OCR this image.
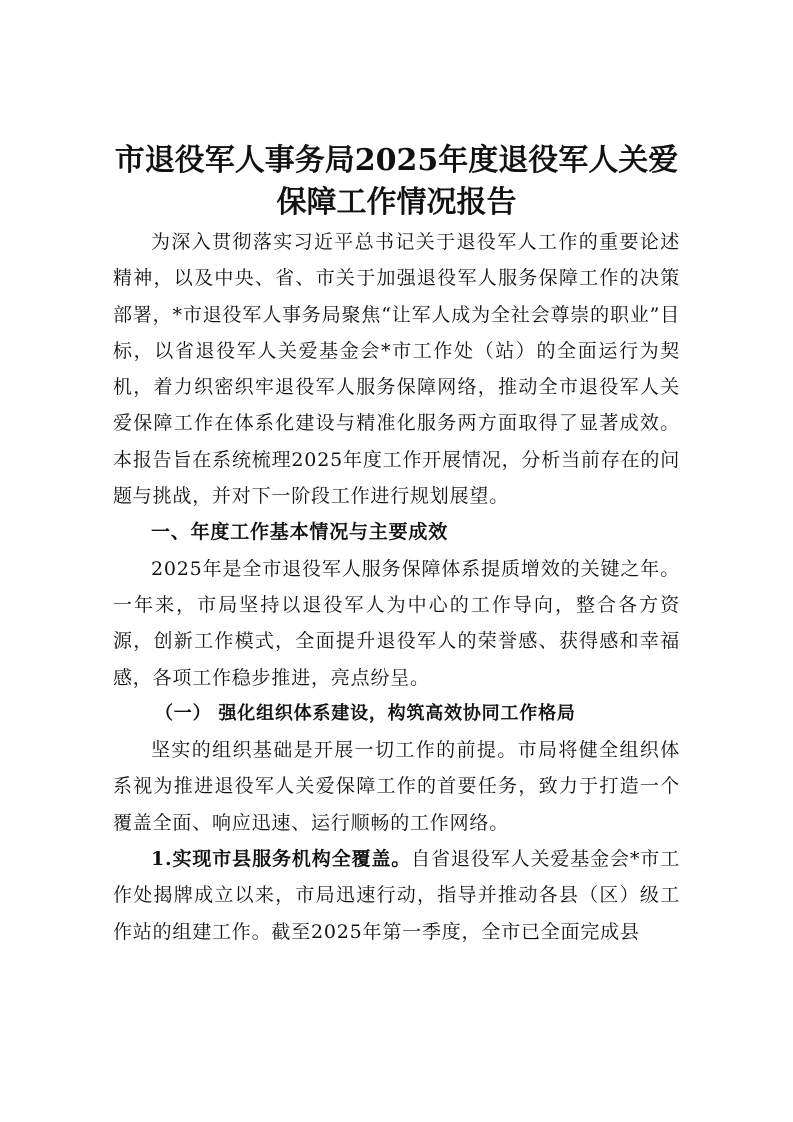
市退役军人事务局2025年度退役军人关爱保障工作情况报告

为深入贯彻落实习近平总书记关于退役军人工作的重要论述精神，以及中央、省、市关于加强退役军人服务保障工作的决策部署，*市退役军人事务局聚焦“让军人成为全社会尊崇的职业”目标，以省退役军人关爱基金会*市工作处（站）的全面运行为契机，着力织密织牢退役军人服务保障网络，推动全市退役军人关爱保障工作在体系化建设与精准化服务两方面取得了显著成效。本报告旨在系统梳理2025年度工作开展情况，分析当前存在的问题与挑战，并对下一阶段工作进行规划展望。

一、年度工作基本情况与主要成效

2025年是全市退役军人服务保障体系提质增效的关键之年。一年来，市局坚持以退役军人为中心的工作导向，整合各方资源，创新工作模式，全面提升退役军人的荣誉感、获得感和幸福感，各项工作稳步推进，亮点纷呈。

（一） 强化组织体系建设，构筑高效协同工作格局

坚实的组织基础是开展一切工作的前提。市局将健全组织体系视为推进退役军人关爱保障工作的首要任务，致力于打造一个覆盖全面、响应迅速、运行顺畅的工作网络。

1.实现市县服务机构全覆盖。自省退役军人关爱基金会*市工作处揭牌成立以来，市局迅速行动，指导并推动各县（区）级工作站的组建工作。截至2025年第一季度，全市已全面完成县
